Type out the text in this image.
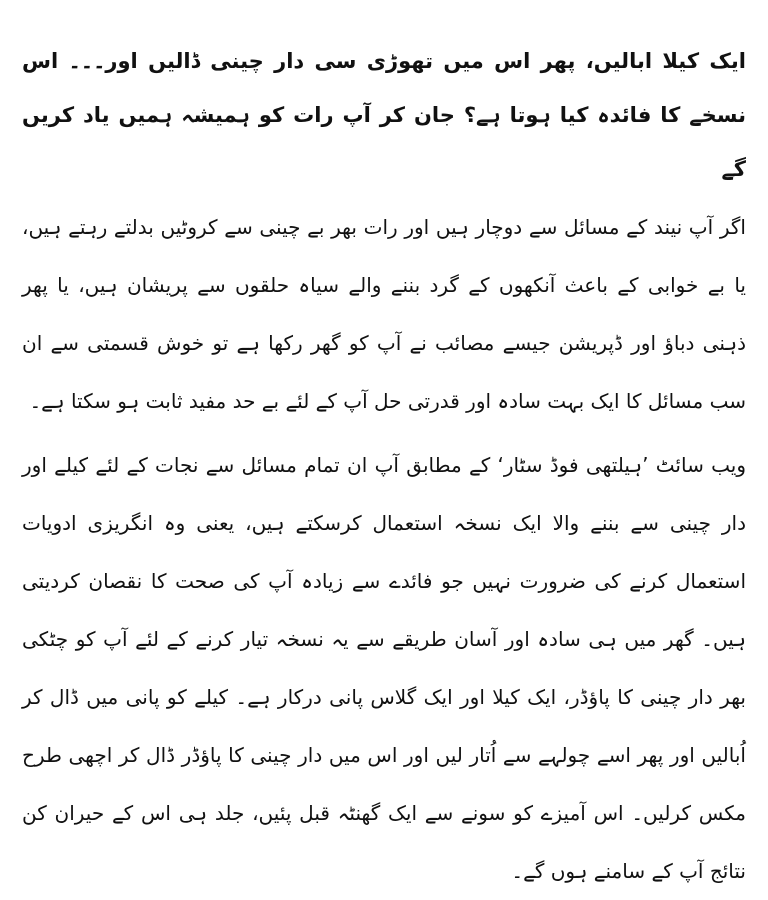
ایک کیلا ابالیں، پھر اس میں تھوڑی سی دار چینی ڈالیں اور۔۔۔ اس نسخے کا فائدہ کیا ہوتا ہے؟ جان کر آپ رات کو ہمیشہ ہمیں یاد کریں گے

اگر آپ نیند کے مسائل سے دوچار ہیں اور رات بھر بے چینی سے کروٹیں بدلتے رہتے ہیں، یا بے خوابی کے باعث آنکھوں کے گرد بننے والے سیاہ حلقوں سے پریشان ہیں، یا پھر ذہنی دباؤ اور ڈپریشن جیسے مصائب نے آپ کو گھر رکھا ہے تو خوش قسمتی سے ان سب مسائل کا ایک بہت سادہ اور قدرتی حل آپ کے لئے بے حد مفید ثابت ہو سکتا ہے۔

ویب سائٹ ’ہیلتھی فوڈ سٹار‘ کے مطابق آپ ان تمام مسائل سے نجات کے لئے کیلے اور دار چینی سے بننے والا ایک نسخہ استعمال کرسکتے ہیں، یعنی وہ انگریزی ادویات استعمال کرنے کی ضرورت نہیں جو فائدے سے زیادہ آپ کی صحت کا نقصان کردیتی ہیں۔ گھر میں ہی سادہ اور آسان طریقے سے یہ نسخہ تیار کرنے کے لئے آپ کو چٹکی بھر دار چینی کا پاؤڈر، ایک کیلا اور ایک گلاس پانی درکار ہے۔ کیلے کو پانی میں ڈال کر اُبالیں اور پھر اسے چولہے سے اُتار لیں اور اس میں دار چینی کا پاؤڈر ڈال کر اچھی طرح مکس کرلیں۔ اس آمیزے کو سونے سے ایک گھنٹہ قبل پئیں، جلد ہی اس کے حیران کن نتائج آپ کے سامنے ہوں گے۔
